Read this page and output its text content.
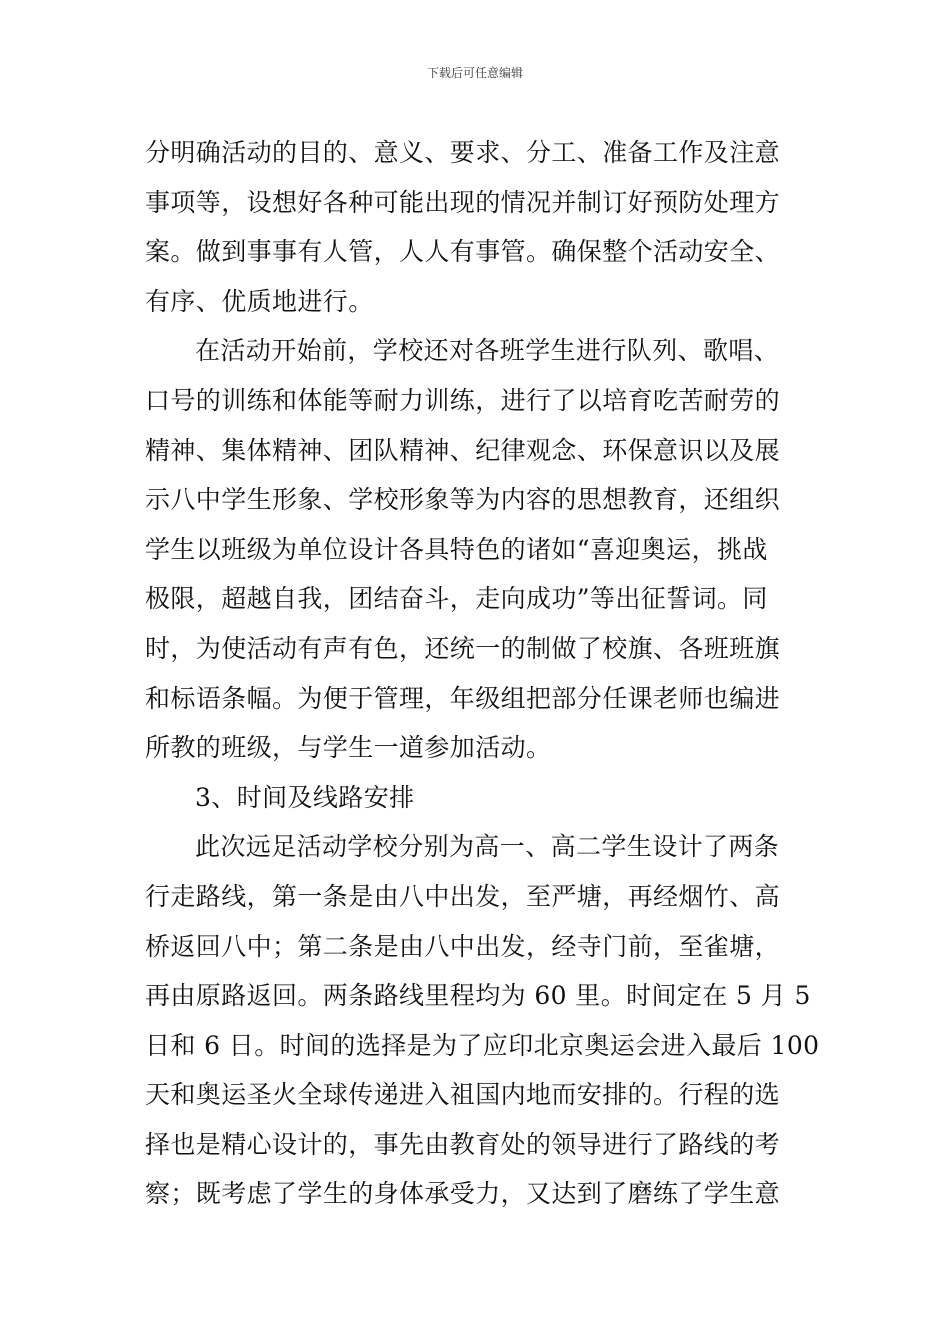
下载后可任意编辑
分明确活动的目的、意义、要求、分工、准备工作及注意
事项等，设想好各种可能出现的情况并制订好预防处理方
案。做到事事有人管，人人有事管。确保整个活动安全、
有序、优质地进行。
在活动开始前，学校还对各班学生进行队列、歌唱、
口号的训练和体能等耐力训练，进行了以培育吃苦耐劳的
精神、集体精神、团队精神、纪律观念、环保意识以及展
示八中学生形象、学校形象等为内容的思想教育，还组织
学生以班级为单位设计各具特色的诸如“喜迎奥运，挑战
极限，超越自我，团结奋斗，走向成功”等出征誓词。同
时，为使活动有声有色，还统一的制做了校旗、各班班旗
和标语条幅。为便于管理，年级组把部分任课老师也编进
所教的班级，与学生一道参加活动。
3、时间及线路安排
此次远足活动学校分别为高一、高二学生设计了两条
行走路线，第一条是由八中出发，至严塘，再经烟竹、高
桥返回八中；第二条是由八中出发，经寺门前，至雀塘，
再由原路返回。两条路线里程均为 60 里。时间定在 5 月 5
日和 6 日。时间的选择是为了应印北京奥运会进入最后 100
天和奥运圣火全球传递进入祖国内地而安排的。行程的选
择也是精心设计的，事先由教育处的领导进行了路线的考
察；既考虑了学生的身体承受力，又达到了磨练了学生意
